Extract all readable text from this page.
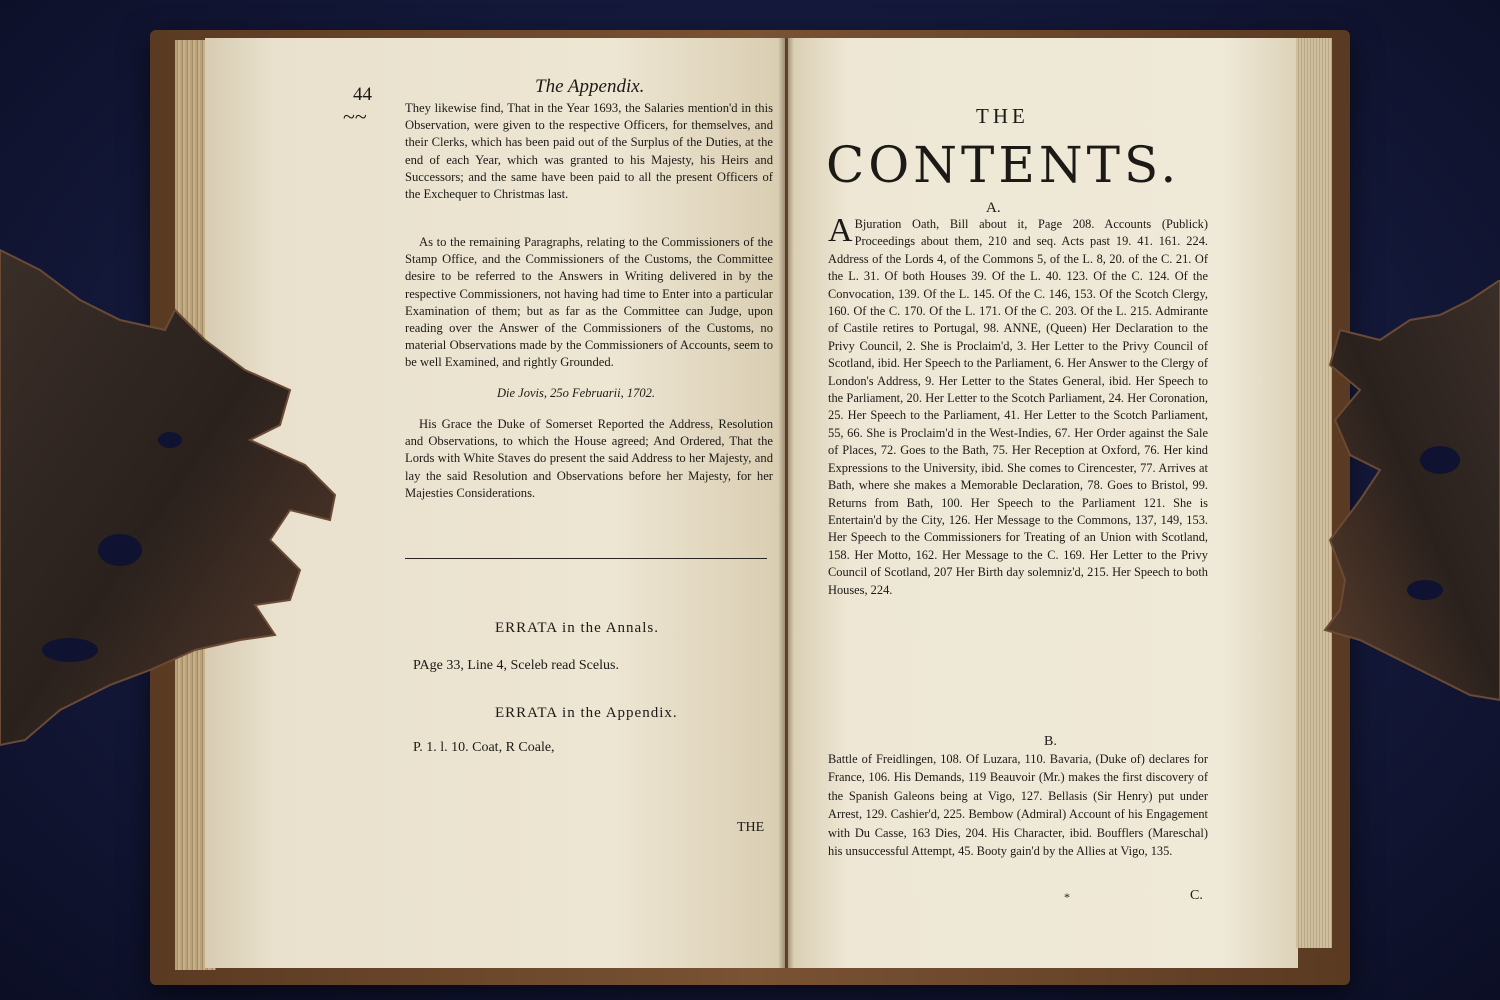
44	The Appendix.
~~	They likewise find, That in the Year 1693, the Salaries mention'd in this Observation, were given to the respective Officers, for themselves, and their Clerks, which has been paid out of the Surplus of the Duties, at the end of each Year, which was granted to his Majesty, his Heirs and Successors; and the same have been paid to all the present Officers of the Exchequer to Christmas last.

As to the remaining Paragraphs, relating to the Commissioners of the Stamp Office, and the Commissioners of the Customs, the Committee desire to be referred to the Answers in Writing delivered in by the respective Commissioners, not having had time to Enter into a particular Examination of them; but as far as the Committee can Judge, upon reading over the Answer of the Commissioners of the Customs, no material Observations made by the Commissioners of Accounts, seem to be well Examined, and rightly Grounded.

Die Jovis, 25o Februarii, 1702.

His Grace the Duke of Somerset Reported the Address, Resolution and Observations, to which the House agreed; And Ordered, That the Lords with White Staves do present the said Address to her Majesty, and lay the said Resolution and Observations before her Majesty, for her Majesties Considerations.

ERRATA in the Annals.
PAge 33, Line 4, Sceleb read Scelus.
ERRATA in the Appendix.
P. 1. l. 10. Coat, R Coale,
THE
THE
CONTENTS.
A.

A Bjuration Oath, Bill about it, Page 208. Accounts (Publick) Proceedings about them, 210 and seq. Acts past 19. 41. 161. 224. Address of the Lords 4, of the Commons 5, of the L. 8, 20. of the C. 21. Of the L. 31. Of both Houses 39. Of the L. 40. 123. Of the C. 124. Of the Convocation, 139. Of the L. 145. Of the C. 146, 153. Of the Scotch Clergy, 160. Of the C. 170. Of the L. 171. Of the C. 203. Of the L. 215. Admirante of Castile retires to Portugal, 98. ANNE, (Queen) Her Declaration to the Privy Council, 2. She is Proclaim'd, 3. Her Letter to the Privy Council of Scotland, ibid. Her Speech to the Parliament, 6. Her Answer to the Clergy of London's Address, 9. Her Letter to the States General, ibid. Her Speech to the Parliament, 20. Her Letter to the Scotch Parliament, 24. Her Coronation, 25. Her Speech to the Parliament, 41. Her Letter to the Scotch Parliament, 55, 66. She is Proclaim'd in the West-Indies, 67. Her Order against the Sale of Places, 72. Goes to the Bath, 75. Her Reception at Oxford, 76. Her kind Expressions to the University, ibid. She comes to Cirencester, 77. Arrives at Bath, where she makes a Memorable Declaration, 78. Goes to Bristol, 99. Returns from Bath, 100. Her Speech to the Parliament 121. She is Entertain'd by the City, 126. Her Message to the Commons, 137, 149, 153. Her Speech to the Commissioners for Treating of an Union with Scotland, 158. Her Motto, 162. Her Message to the C. 169. Her Letter to the Privy Council of Scotland, 207 Her Birth day solemniz'd, 215. Her Speech to both Houses, 224.

B.

Battle of Freidlingen, 108. Of Luzara, 110. Bavaria, (Duke of) declares for France, 106. His Demands, 119 Beauvoir (Mr.) makes the first discovery of the Spanish Galeons being at Vigo, 127. Bellasis (Sir Henry) put under Arrest, 129. Cashier'd, 225. Bembow (Admiral) Account of his Engagement with Du Casse, 163 Dies, 204. His Character, ibid. Boufflers (Mareschal) his unsuccessful Attempt, 45. Booty gain'd by the Allies at Vigo, 135.

*	C.
